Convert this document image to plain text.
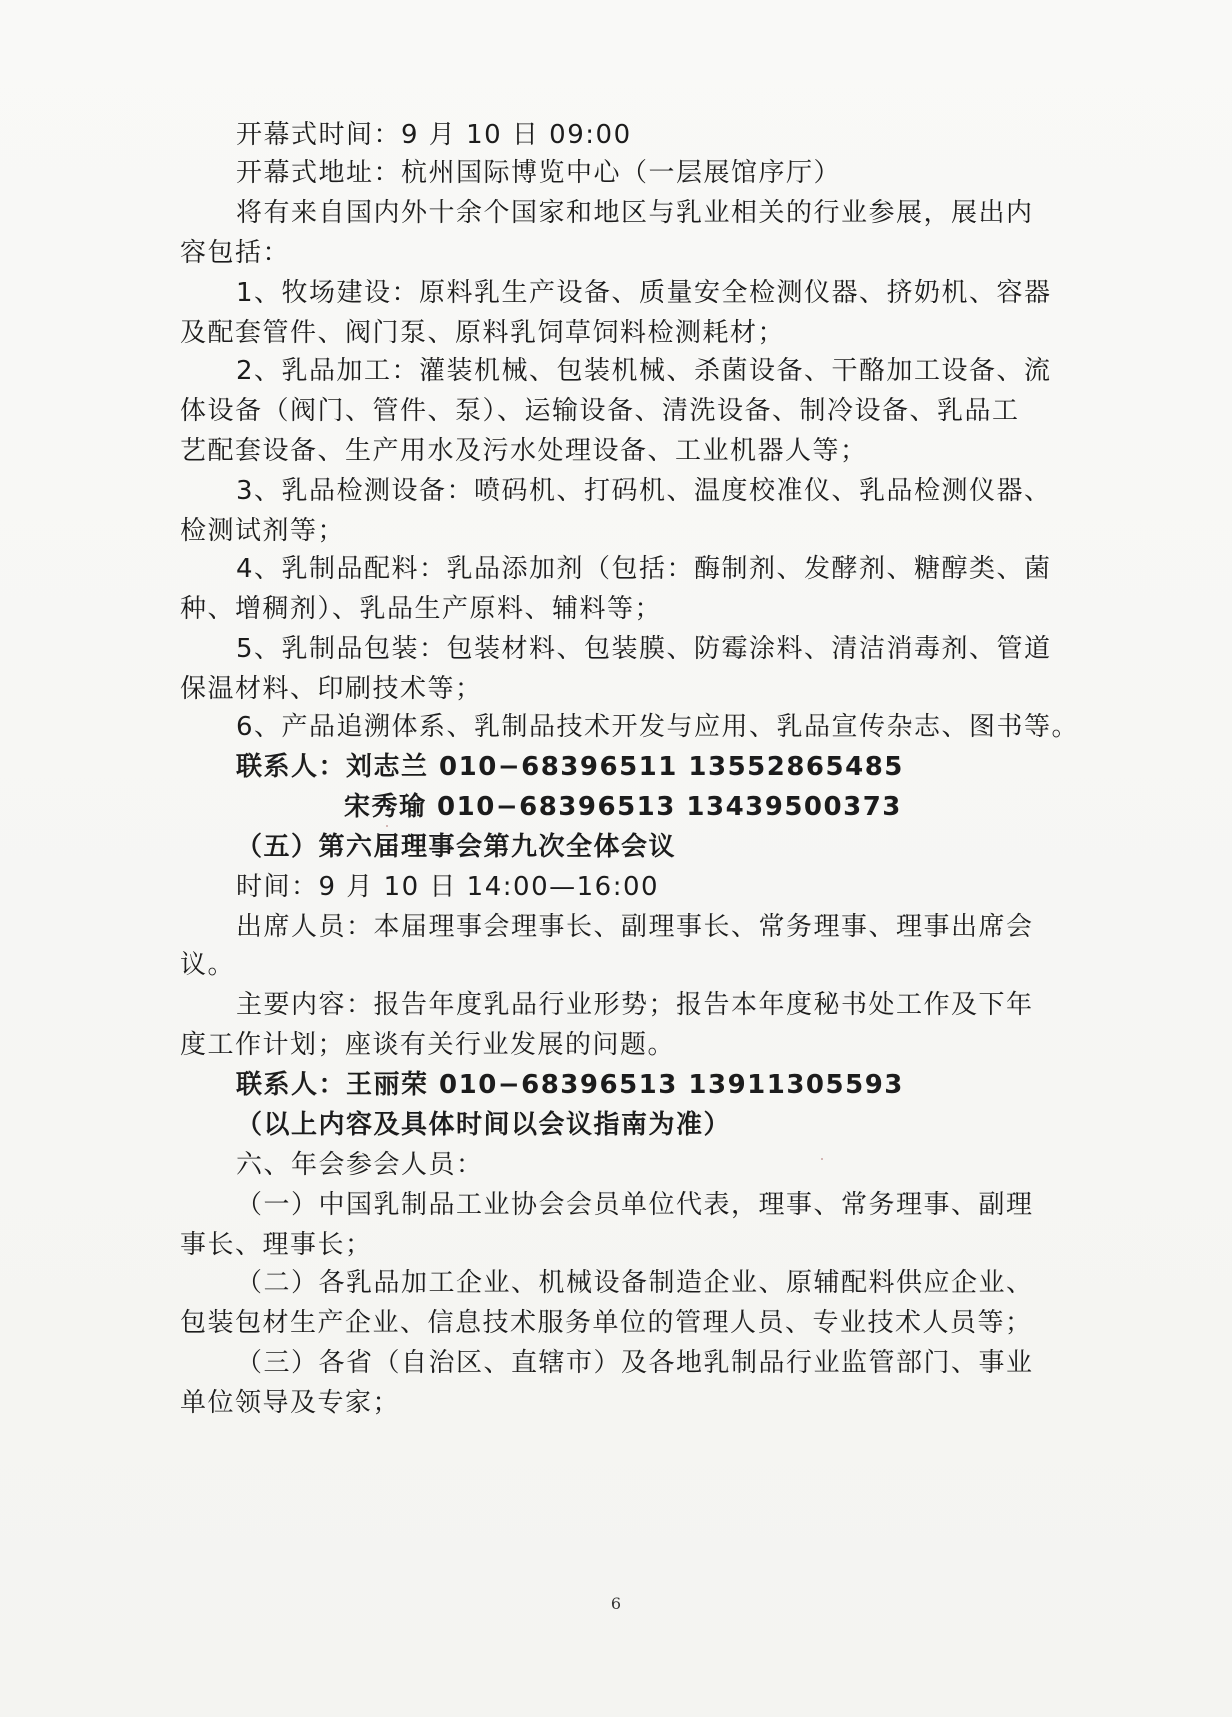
开幕式时间：9 月 10 日 09:00
开幕式地址：杭州国际博览中心（一层展馆序厅）
将有来自国内外十余个国家和地区与乳业相关的行业参展，展出内
容包括：
1、牧场建设：原料乳生产设备、质量安全检测仪器、挤奶机、容器
及配套管件、阀门泵、原料乳饲草饲料检测耗材；
2、乳品加工：灌装机械、包装机械、杀菌设备、干酪加工设备、流
体设备（阀门、管件、泵）、运输设备、清洗设备、制冷设备、乳品工
艺配套设备、生产用水及污水处理设备、工业机器人等；
3、乳品检测设备：喷码机、打码机、温度校准仪、乳品检测仪器、
检测试剂等；
4、乳制品配料：乳品添加剂（包括：酶制剂、发酵剂、糖醇类、菌
种、增稠剂）、乳品生产原料、辅料等；
5、乳制品包装：包装材料、包装膜、防霉涂料、清洁消毒剂、管道
保温材料、印刷技术等；
6、产品追溯体系、乳制品技术开发与应用、乳品宣传杂志、图书等。
联系人：刘志兰 010−68396511 13552865485
宋秀瑜 010−68396513 13439500373
（五）第六届理事会第九次全体会议
时间：9 月 10 日 14:00—16:00
出席人员：本届理事会理事长、副理事长、常务理事、理事出席会
议。
主要内容：报告年度乳品行业形势；报告本年度秘书处工作及下年
度工作计划；座谈有关行业发展的问题。
联系人：王丽荣 010−68396513 13911305593
（以上内容及具体时间以会议指南为准）
六、年会参会人员：
（一）中国乳制品工业协会会员单位代表，理事、常务理事、副理
事长、理事长；
（二）各乳品加工企业、机械设备制造企业、原辅配料供应企业、
包装包材生产企业、信息技术服务单位的管理人员、专业技术人员等；
（三）各省（自治区、直辖市）及各地乳制品行业监管部门、事业
单位领导及专家；
6
